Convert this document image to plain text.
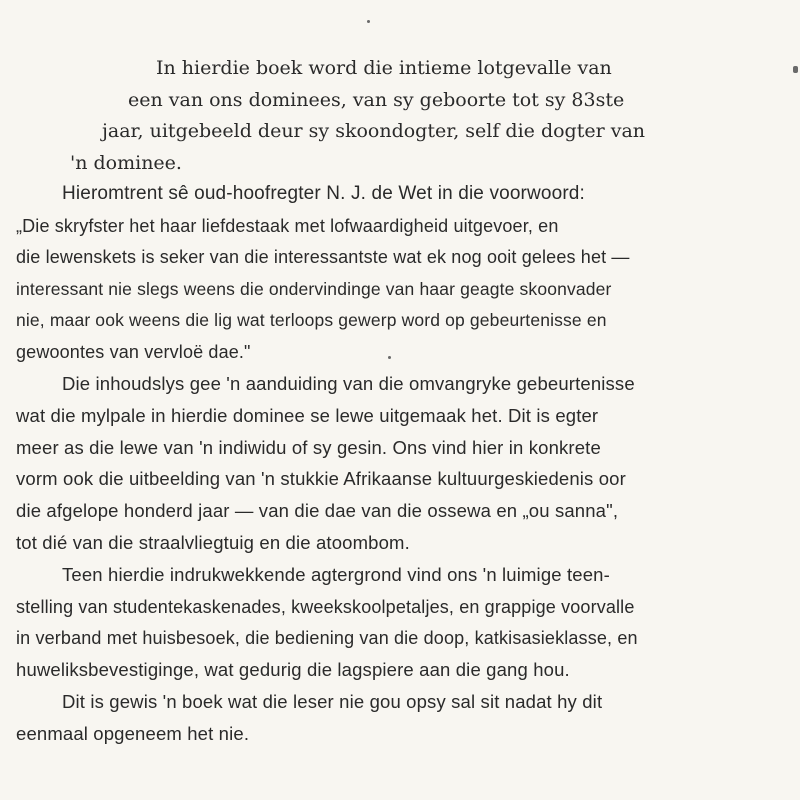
In hierdie boek word die intieme lotgevalle van
een van ons dominees, van sy geboorte tot sy 83ste
jaar, uitgebeeld deur sy skoondogter, self die dogter van
'n dominee.
Hieromtrent sê oud-hoofregter N. J. de Wet in die voorwoord:
„Die skryfster het haar liefdestaak met lofwaardigheid uitgevoer, en
die lewenskets is seker van die interessantste wat ek nog ooit gelees het —
interessant nie slegs weens die ondervindinge van haar geagte skoonvader
nie, maar ook weens die lig wat terloops gewerp word op gebeurtenisse en
gewoontes van vervloë dae."
Die inhoudslys gee 'n aanduiding van die omvangryke gebeurtenisse
wat die mylpale in hierdie dominee se lewe uitgemaak het. Dit is egter
meer as die lewe van 'n indiwidu of sy gesin. Ons vind hier in konkrete
vorm ook die uitbeelding van 'n stukkie Afrikaanse kultuurgeskiedenis oor
die afgelope honderd jaar — van die dae van die ossewa en „ou sanna",
tot dié van die straalvliegtuig en die atoombom.
Teen hierdie indrukwekkende agtergrond vind ons 'n luimige teen-
stelling van studentekaskenades, kweekskoolpetaljes, en grappige voorvalle
in verband met huisbesoek, die bediening van die doop, katkisasieklasse, en
huweliksbevestiginge, wat gedurig die lagspiere aan die gang hou.
Dit is gewis 'n boek wat die leser nie gou opsy sal sit nadat hy dit
eenmaal opgeneem het nie.
